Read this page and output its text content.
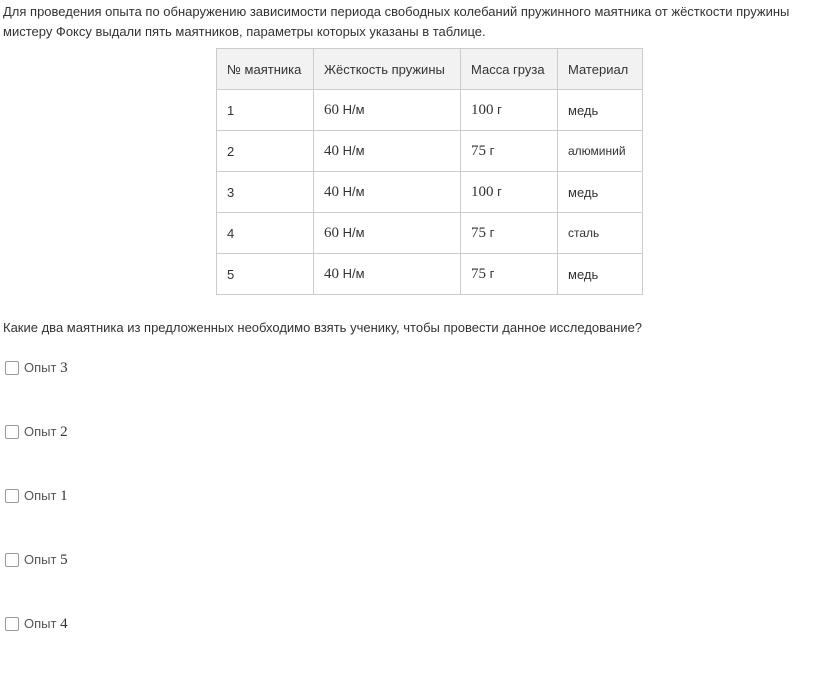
Для проведения опыта по обнаружению зависимости периода свободных колебаний пружинного маятника от жёсткости пружины мистеру Фоксу выдали пять маятников, параметры которых указаны в таблице.

№ маятника	Жёсткость пружины	Масса груза	Материал
1	60 Н/м	100 г	медь
2	40 Н/м	75 г	алюминий
3	40 Н/м	100 г	медь
4	60 Н/м	75 г	сталь
5	40 Н/м	75 г	медь

Какие два маятника из предложенных необходимо взять ученику, чтобы провести данное исследование?

Опыт 3
Опыт 2
Опыт 1
Опыт 5
Опыт 4
